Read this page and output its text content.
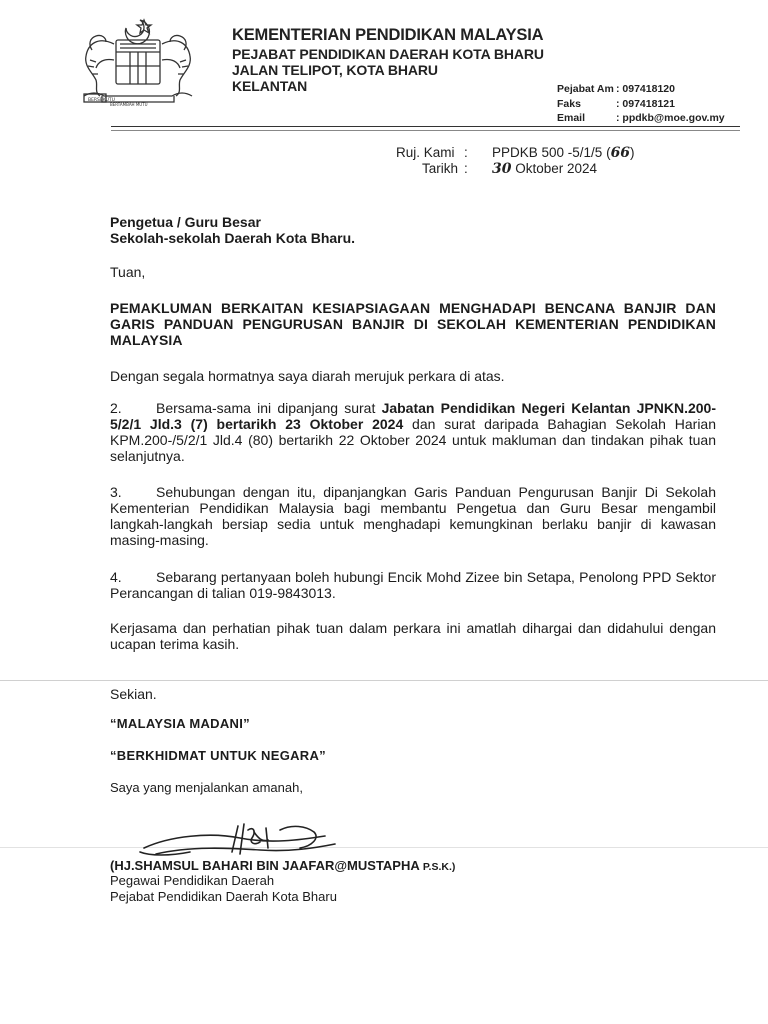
BERSEKUTU
BERTAMBAH MUTU
KEMENTERIAN PENDIDIKAN MALAYSIA
PEJABAT PENDIDIKAN DAERAH KOTA BHARU
JALAN TELIPOT, KOTA BHARU
KELANTAN	Pejabat Am : 097418120
Faks	: 097418121
Email	: ppdkb@moe.gov.my
Ruj. Kami : PPDKB 500 -5/1/5 (66)
Tarikh : 30 Oktober 2024
Pengetua / Guru Besar
Sekolah-sekolah Daerah Kota Bharu.
Tuan,
PEMAKLUMAN BERKAITAN KESIAPSIAGAAN MENGHADAPI BENCANA BANJIR DAN GARIS PANDUAN PENGURUSAN BANJIR DI SEKOLAH KEMENTERIAN PENDIDIKAN MALAYSIA
Dengan segala hormatnya saya diarah merujuk perkara di atas.
2. Bersama-sama ini dipanjang surat Jabatan Pendidikan Negeri Kelantan JPNKN.200-5/2/1 Jld.3 (7) bertarikh 23 Oktober 2024 dan surat daripada Bahagian Sekolah Harian KPM.200-/5/2/1 Jld.4 (80) bertarikh 22 Oktober 2024 untuk makluman dan tindakan pihak tuan selanjutnya.
3. Sehubungan dengan itu, dipanjangkan Garis Panduan Pengurusan Banjir Di Sekolah Kementerian Pendidikan Malaysia bagi membantu Pengetua dan Guru Besar mengambil langkah-langkah bersiap sedia untuk menghadapi kemungkinan berlaku banjir di kawasan masing-masing.
4. Sebarang pertanyaan boleh hubungi Encik Mohd Zizee bin Setapa, Penolong PPD Sektor Perancangan di talian 019-9843013.
Kerjasama dan perhatian pihak tuan dalam perkara ini amatlah dihargai dan didahului dengan ucapan terima kasih.
Sekian.
“MALAYSIA MADANI”
“BERKHIDMAT UNTUK NEGARA”
Saya yang menjalankan amanah,
(HJ.SHAMSUL BAHARI BIN JAAFAR@MUSTAPHA P.S.K.)
Pegawai Pendidikan Daerah
Pejabat Pendidikan Daerah Kota Bharu
